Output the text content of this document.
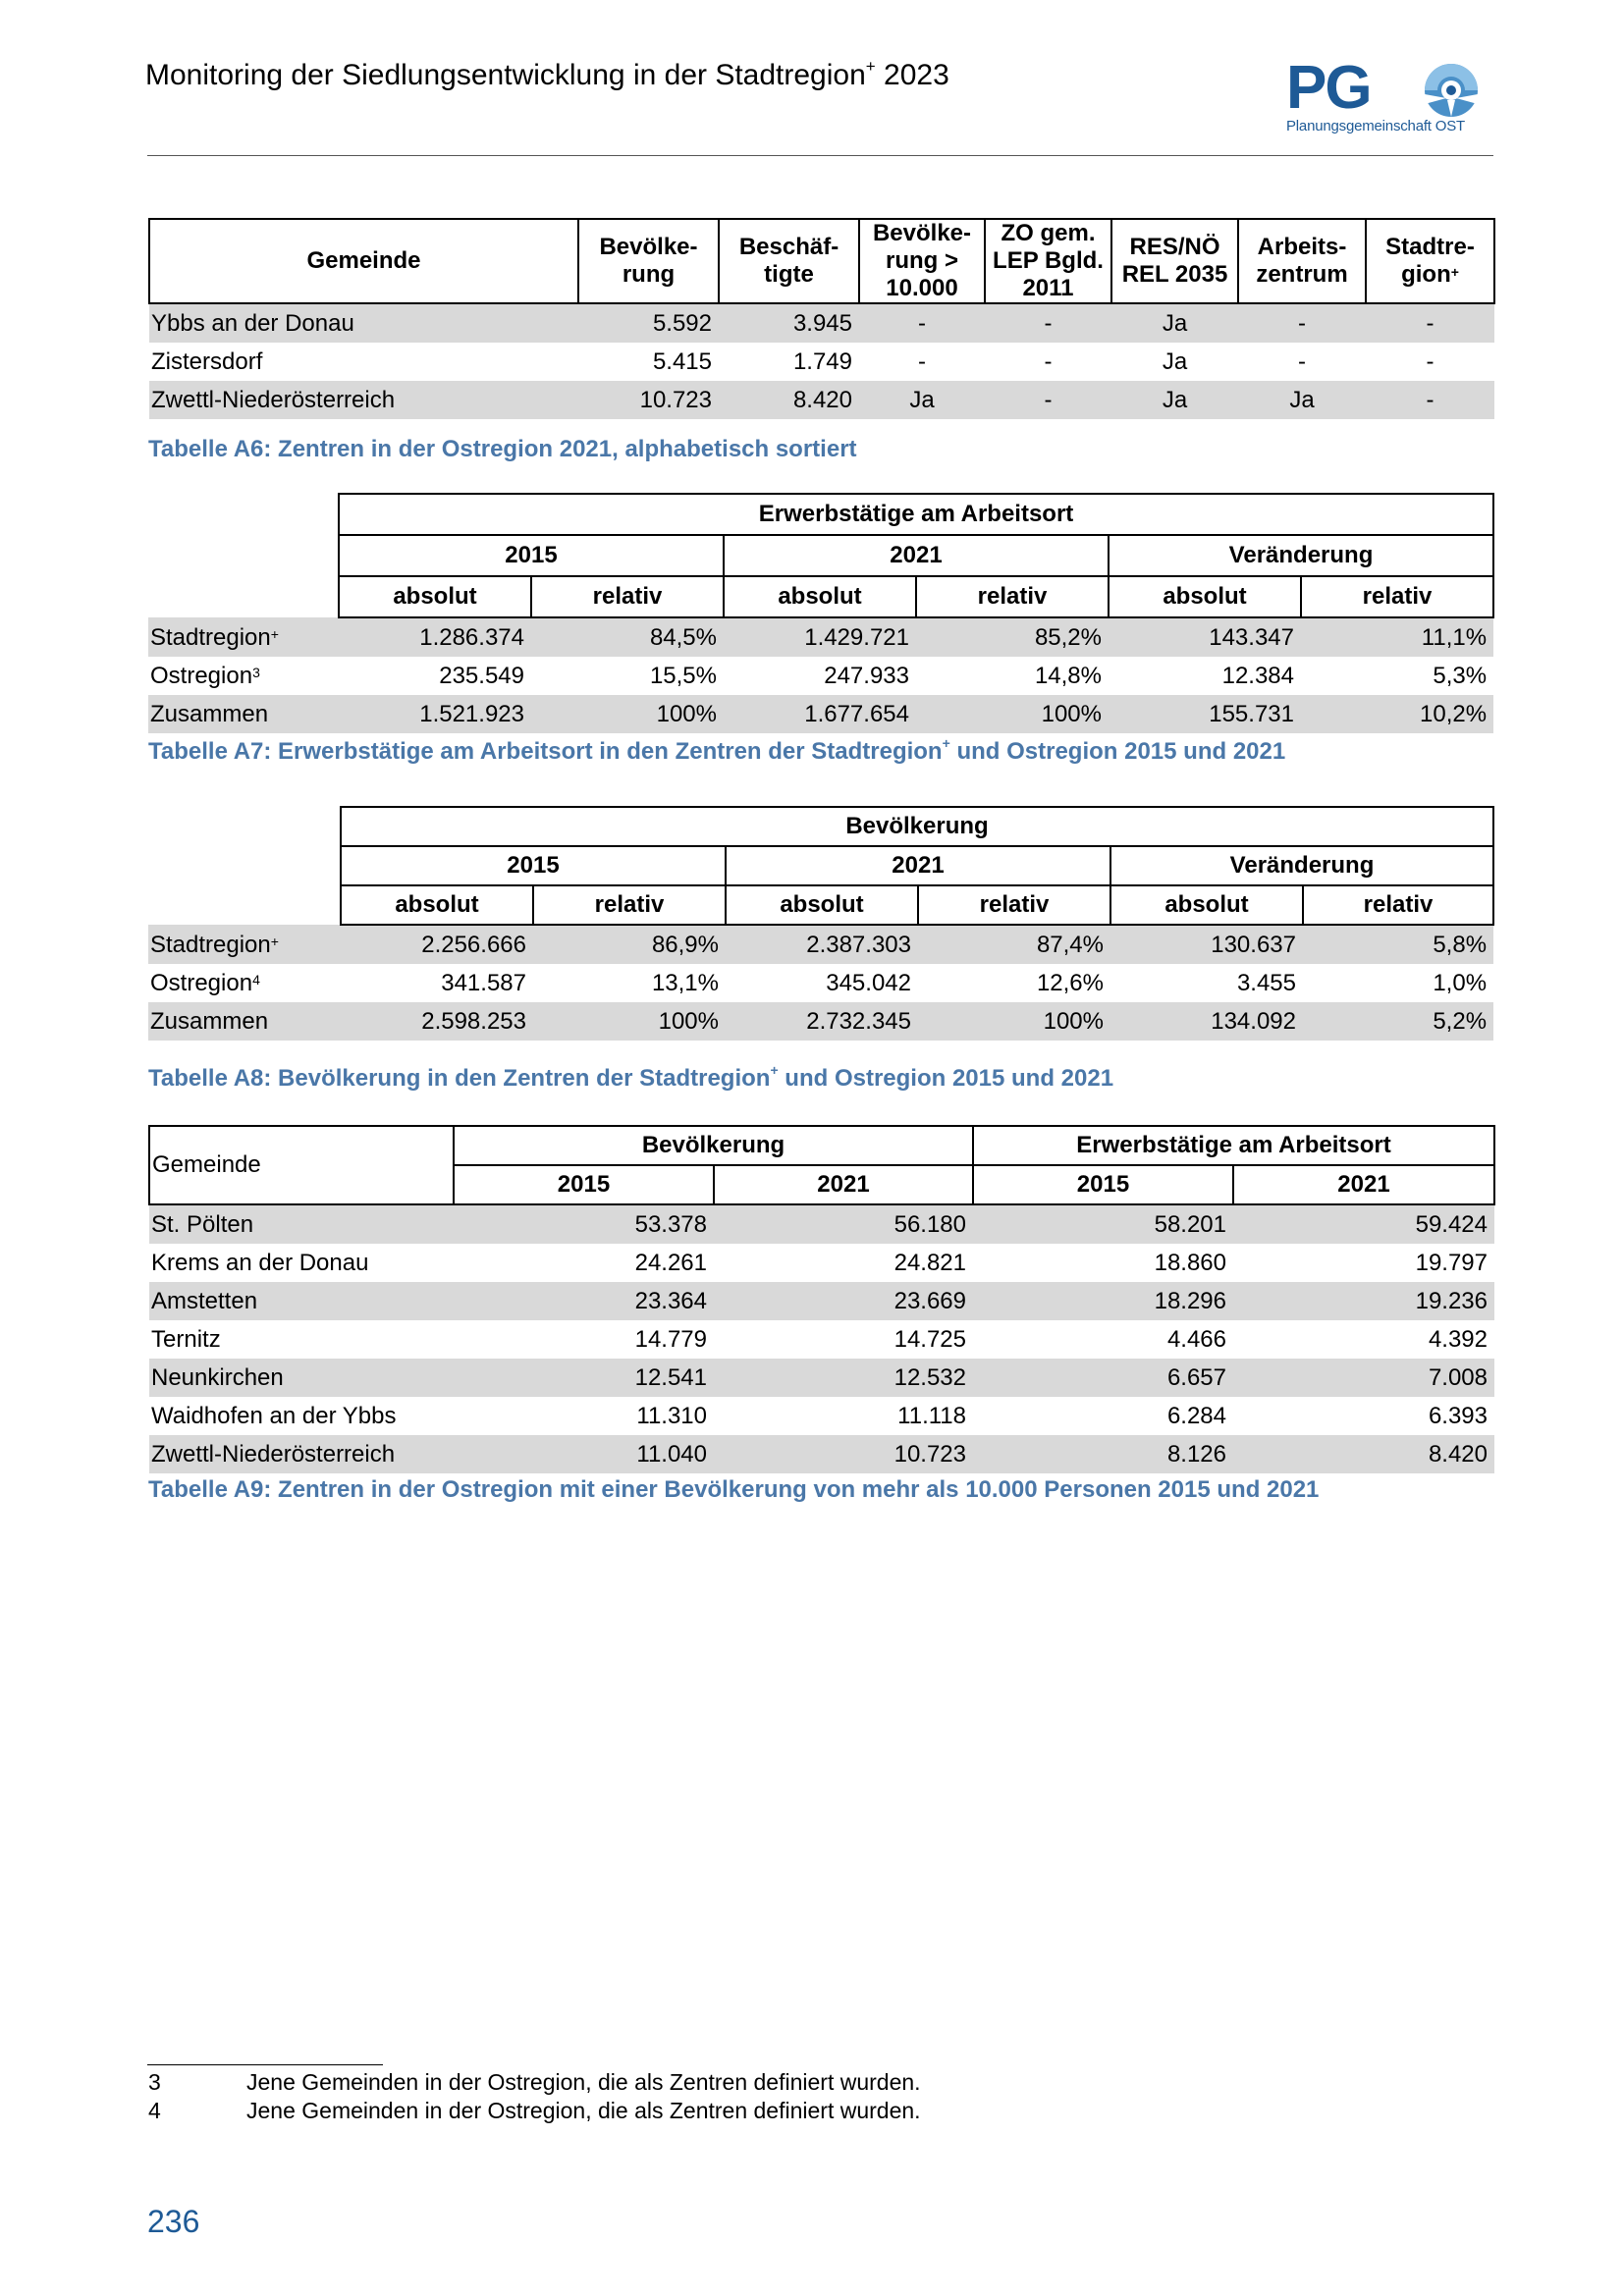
Monitoring der Siedlungsentwicklung in der Stadtregion+ 2023	PG
Planungsgemeinschaft OST
Gemeinde	Bevölke-rung	Beschäf-tigte	Bevölke-rung > 10.000	ZO gem. LEP Bgld. 2011	RES/NÖ REL 2035	Arbeits-zentrum	Stadtre-gion+
Ybbs an der Donau	5.592	3.945	-	-	Ja	-	-
Zistersdorf	5.415	1.749	-	-	Ja	-	-
Zwettl-Niederösterreich	10.723	8.420	Ja	-	Ja	Ja	-
Tabelle A6: Zentren in der Ostregion 2021, alphabetisch sortiert
	Erwerbstätige am Arbeitsort					
	2015		2021		Veränderung	
	absolut	relativ	absolut	relativ	absolut	relativ
Stadtregion+	1.286.374	84,5%	1.429.721	85,2%	143.347	11,1%
Ostregion$^3$	235.549	15,5%	247.933	14,8%	12.384	5,3%
Zusammen	1.521.923	100%	1.677.654	100%	155.731	10,2%
Tabelle A7: Erwerbstätige am Arbeitsort in den Zentren der Stadtregion+ und Ostregion 2015 und 2021
	Bevölkerung					
	2015		2021		Veränderung	
	absolut	relativ	absolut	relativ	absolut	relativ
Stadtregion+	2.256.666	86,9%	2.387.303	87,4%	130.637	5,8%
Ostregion$^4$	341.587	13,1%	345.042	12,6%	3.455	1,0%
Zusammen	2.598.253	100%	2.732.345	100%	134.092	5,2%
Tabelle A8: Bevölkerung in den Zentren der Stadtregion+ und Ostregion 2015 und 2021
Gemeinde	Bevölkerung		Erwerbstätige am Arbeitsort	
	2015	2021	2015	2021
St. Pölten	53.378	56.180	58.201	59.424
Krems an der Donau	24.261	24.821	18.860	19.797
Amstetten	23.364	23.669	18.296	19.236
Ternitz	14.779	14.725	4.466	4.392
Neunkirchen	12.541	12.532	6.657	7.008
Waidhofen an der Ybbs	11.310	11.118	6.284	6.393
Zwettl-Niederösterreich	11.040	10.723	8.126	8.420
Tabelle A9: Zentren in der Ostregion mit einer Bevölkerung von mehr als 10.000 Personen 2015 und 2021
3	Jene Gemeinden in der Ostregion, die als Zentren definiert wurden.
4	Jene Gemeinden in der Ostregion, die als Zentren definiert wurden.
236
